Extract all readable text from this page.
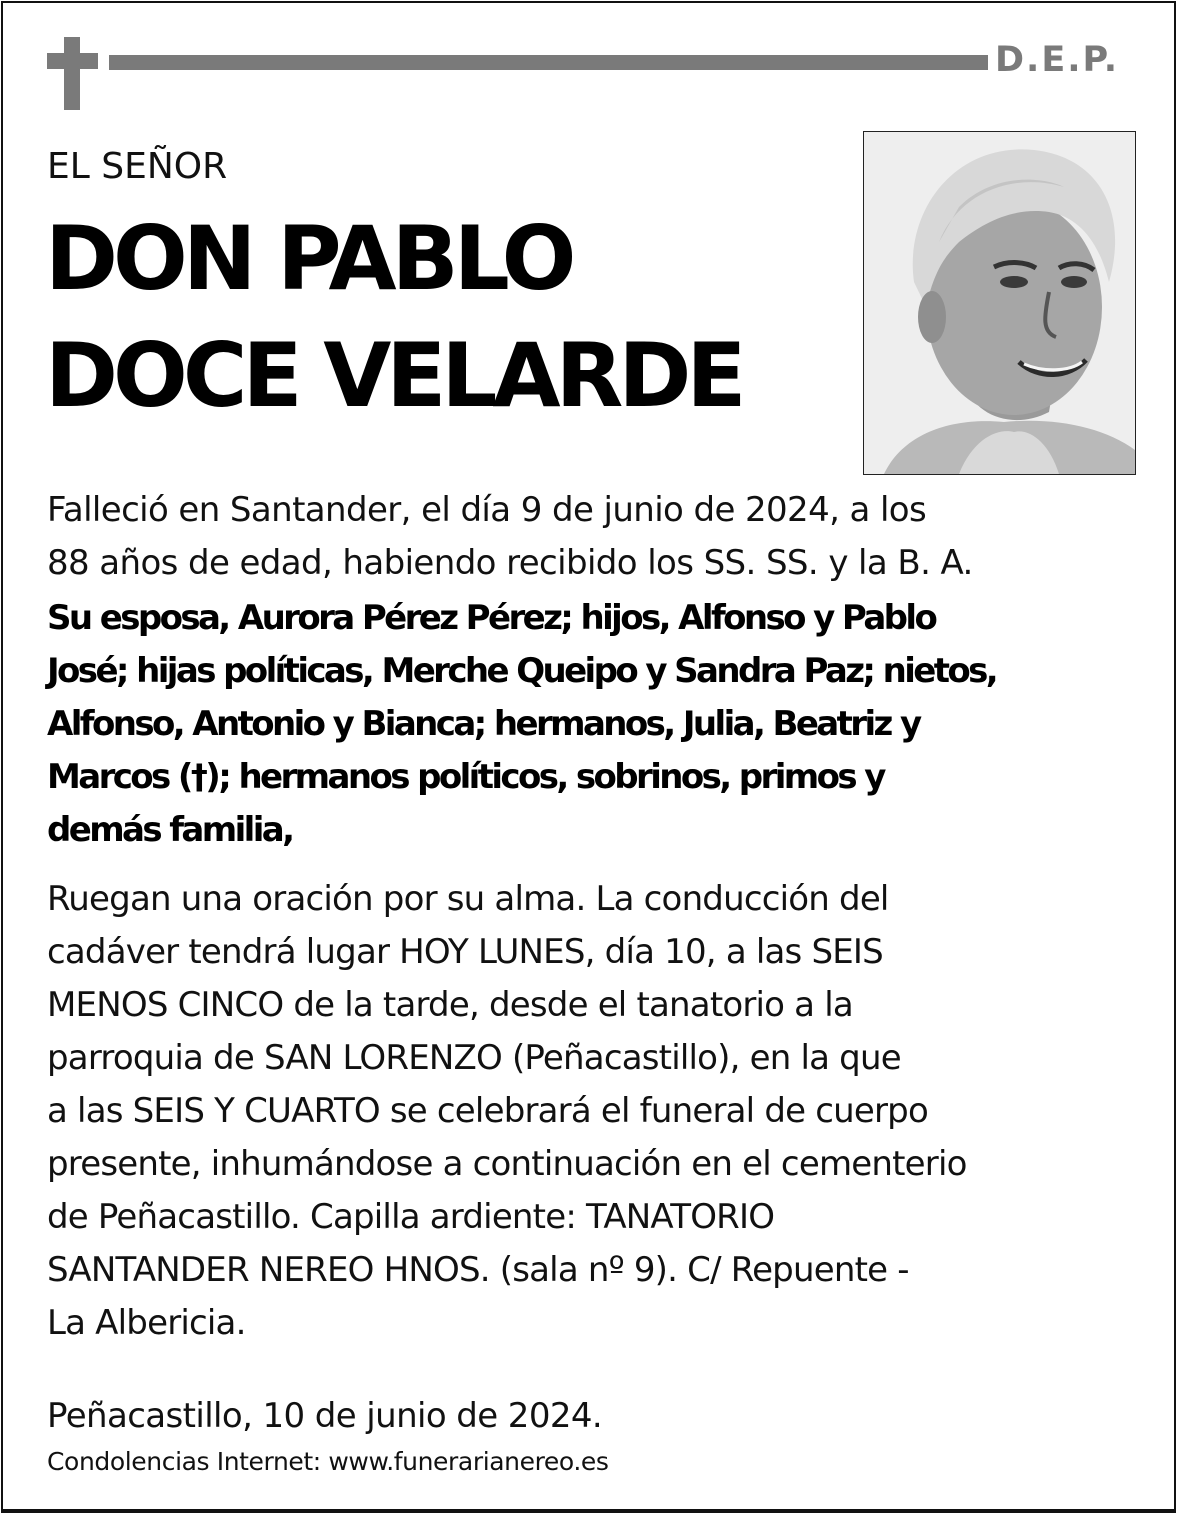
D.E.P.
EL SEÑOR
DON PABLO
DOCE VELARDE
Falleció en Santander, el día 9 de junio de 2024, a los
88 años de edad, habiendo recibido los SS. SS. y la B. A.
Su esposa, Aurora Pérez Pérez; hijos, Alfonso y Pablo
José; hijas políticas, Merche Queipo y Sandra Paz; nietos,
Alfonso, Antonio y Bianca; hermanos, Julia, Beatriz y
Marcos (†); hermanos políticos, sobrinos, primos y
demás familia,
Ruegan una oración por su alma. La conducción del
cadáver tendrá lugar HOY LUNES, día 10, a las SEIS
MENOS CINCO de la tarde, desde el tanatorio a la
parroquia de SAN LORENZO (Peñacastillo), en la que
a las SEIS Y CUARTO se celebrará el funeral de cuerpo
presente, inhumándose a continuación en el cementerio
de Peñacastillo. Capilla ardiente: TANATORIO
SANTANDER NEREO HNOS. (sala nº 9). C/ Repuente -
La Albericia.
Peñacastillo, 10 de junio de 2024.
Condolencias Internet: www.funerarianereo.es
